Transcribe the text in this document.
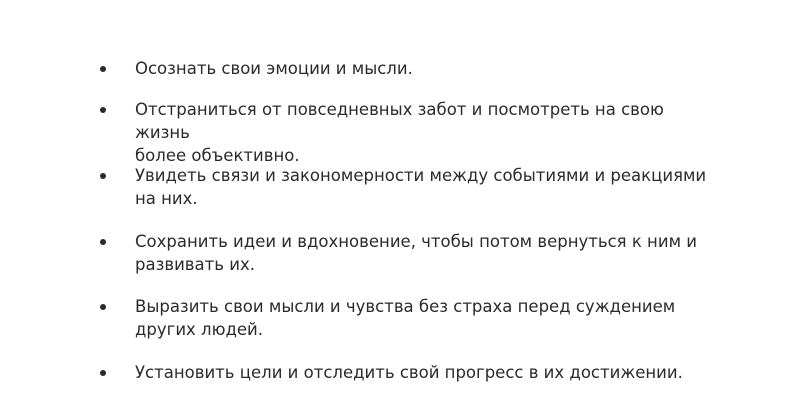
Осознать свои эмоции и мысли.
Отстраниться от повседневных забот и посмотреть на свою жизнь
более объективно.
Увидеть связи и закономерности между событиями и реакциями
на них.
Сохранить идеи и вдохновение, чтобы потом вернуться к ним и
развивать их.
Выразить свои мысли и чувства без страха перед суждением
других людей.
Установить цели и отследить свой прогресс в их достижении.
